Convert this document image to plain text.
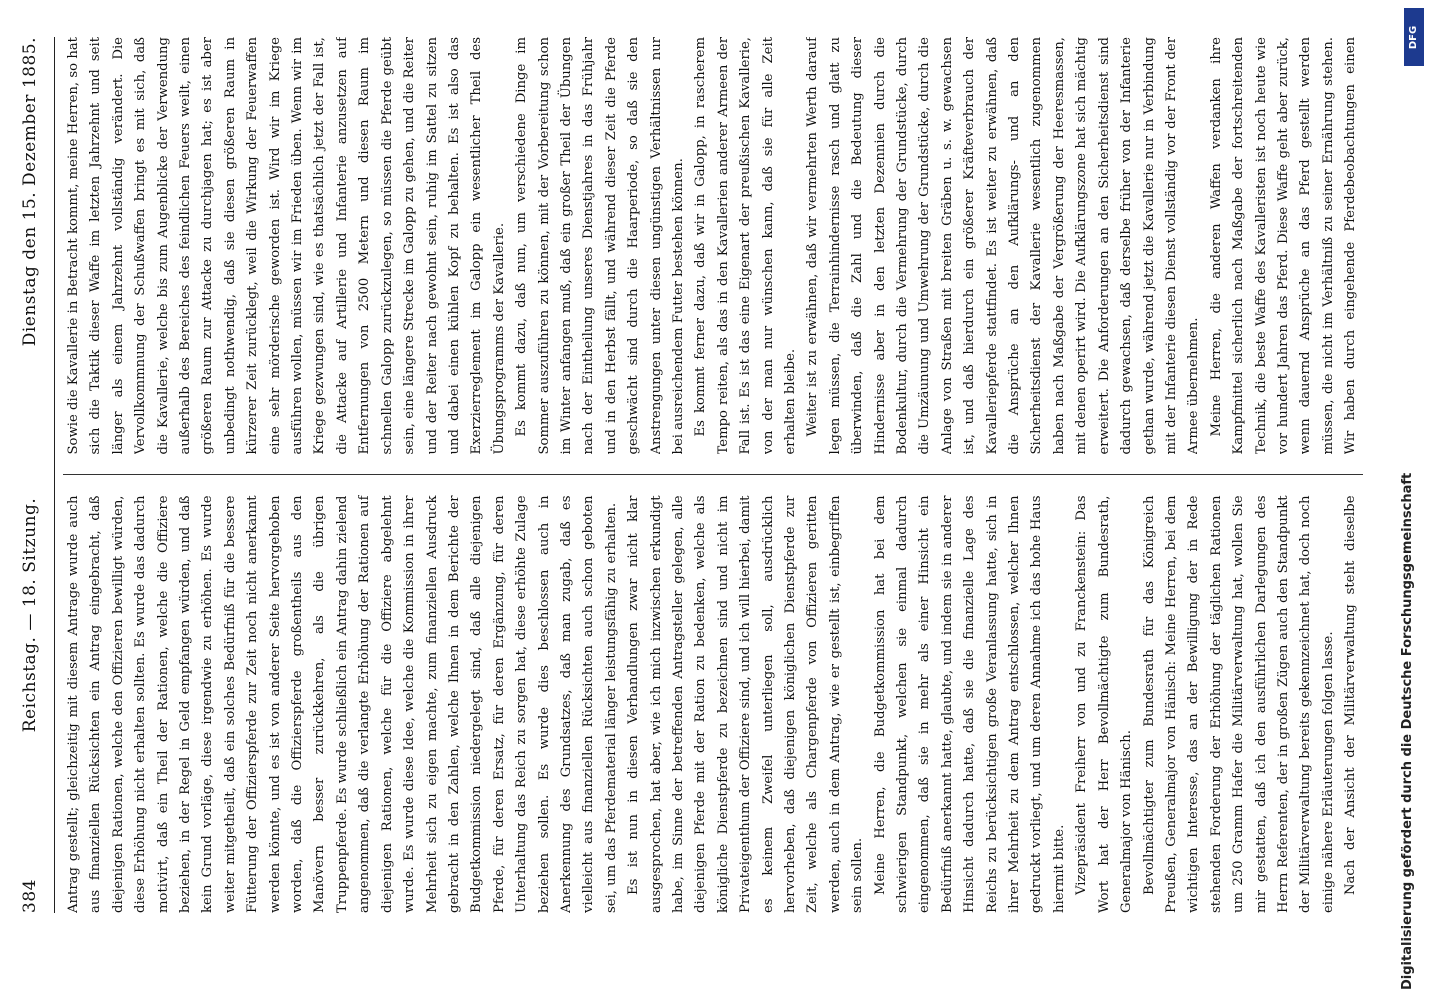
384
Reichstag. — 18. Sitzung.
Dienstag den 15. Dezember 1885.

Antrag gestellt; gleichzeitig mit diesem Antrage wurde auch aus finanziellen Rücksichten ein Antrag eingebracht, daß diejenigen Rationen, welche den Offizieren bewilligt würden, diese Erhöhung nicht erhalten sollten. Es wurde das dadurch motivirt, daß ein Theil der Rationen, welche die Offiziere beziehen, in der Regel in Geld empfangen würden, und daß kein Grund vorläge, diese irgendwie zu erhöhen. Es wurde weiter mitgetheilt, daß ein solches Bedürfniß für die bessere Fütterung der Offizierspferde zur Zeit noch nicht anerkannt werden könnte, und es ist von anderer Seite hervorgehoben worden, daß die Offizierspferde großentheils aus den Manövern besser zurückkehren, als die übrigen Truppenpferde. Es wurde schließlich ein Antrag dahin zielend angenommen, daß die verlangte Erhöhung der Rationen auf diejenigen Rationen, welche für die Offiziere abgelehnt wurde. Es wurde diese Idee, welche die Kommission in ihrer Mehrheit sich zu eigen machte, zum finanziellen Ausdruck gebracht in den Zahlen, welche Ihnen in dem Berichte der Budgetkommission niedergelegt sind, daß alle diejenigen Pferde, für deren Ersatz, für deren Ergänzung, für deren Unterhaltung das Reich zu sorgen hat, diese erhöhte Zulage beziehen sollen. Es wurde dies beschlossen auch in Anerkennung des Grundsatzes, daß man zugab, daß es vielleicht aus finanziellen Rücksichten auch schon geboten sei, um das Pferdematerial länger leistungsfähig zu erhalten. Es ist nun in diesen Verhandlungen zwar nicht klar ausgesprochen, hat aber, wie ich mich inzwischen erkundigt habe, im Sinne der betreffenden Antragsteller gelegen, alle diejenigen Pferde mit der Ration zu bedenken, welche als königliche Dienstpferde zu bezeichnen sind und nicht im Privateigenthum der Offiziere sind, und ich will hierbei, damit es keinem Zweifel unterliegen soll, ausdrücklich hervorheben, daß diejenigen königlichen Dienstpferde zur Zeit, welche als Chargenpferde von Offizieren geritten werden, auch in dem Antrag, wie er gestellt ist, einbegriffen sein sollen. Meine Herren, die Budgetkommission hat bei dem schwierigen Standpunkt, welchen sie einmal dadurch eingenommen, daß sie in mehr als einer Hinsicht ein Bedürfniß anerkannt hatte, glaubte, und indem sie in anderer Hinsicht dadurch hatte, daß sie die finanzielle Lage des Reichs zu berücksichtigen große Veranlassung hatte, sich in ihrer Mehrheit zu dem Antrag entschlossen, welcher Ihnen gedruckt vorliegt, und um deren Annahme ich das hohe Haus hiermit bitte. Vizepräsident Freiherr von und zu Franckenstein: Das Wort hat der Herr Bevollmächtigte zum Bundesrath, Generalmajor von Hänisch. Bevollmächtigter zum Bundesrath für das Königreich Preußen, Generalmajor von Hänisch: Meine Herren, bei dem wichtigen Interesse, das an der Bewilligung der in Rede stehenden Forderung der Erhöhung der täglichen Rationen um 250 Gramm Hafer die Militärverwaltung hat, wollen Sie mir gestatten, daß ich den ausführlichen Darlegungen des Herrn Referenten, der in großen Zügen auch den Standpunkt der Militärverwaltung bereits gekennzeichnet hat, doch noch einige nähere Erläuterungen folgen lasse. Nach der Ansicht der Militärverwaltung steht dieselbe

Sowie die Kavallerie in Betracht kommt, meine Herren, so hat sich die Taktik dieser Waffe im letzten Jahrzehnt und seit länger als einem Jahrzehnt vollständig verändert. Die Vervollkommnung der Schußwaffen bringt es mit sich, daß die Kavallerie, welche bis zum Augenblicke der Verwendung außerhalb des Bereiches des feindlichen Feuers weilt, einen größeren Raum zur Attacke zu durchjagen hat; es ist aber unbedingt nothwendig, daß sie diesen größeren Raum in kürzerer Zeit zurücklegt, weil die Wirkung der Feuerwaffen eine sehr mörderische geworden ist. Wird wir im Kriege ausführen wollen, müssen wir im Frieden üben. Wenn wir im Kriege gezwungen sind, wie es thatsächlich jetzt der Fall ist, die Attacke auf Artillerie und Infanterie anzusetzen auf Entfernungen von 2500 Metern und diesen Raum im schnellen Galopp zurückzulegen, so müssen die Pferde geübt sein, eine längere Strecke im Galopp zu gehen, und die Reiter und der Reiter nach gewohnt sein, ruhig im Sattel zu sitzen und dabei einen kühlen Kopf zu behalten. Es ist also das Exerzierreglement im Galopp ein wesentlicher Theil des Übungsprogramms der Kavallerie. Es kommt dazu, daß nun, um verschiedene Dinge im Sommer auszuführen zu können, mit der Vorbereitung schon im Winter anfangen muß, daß ein großer Theil der Übungen nach der Eintheilung unseres Dienstjahres in das Frühjahr und in den Herbst fällt, und während dieser Zeit die Pferde geschwächt sind durch die Haarperiode, so daß sie den Anstrengungen unter diesen ungünstigen Verhältnissen nur bei ausreichendem Futter bestehen können. Es kommt ferner dazu, daß wir in Galopp, in rascherem Tempo reiten, als das in den Kavallerien anderer Armeen der Fall ist. Es ist das eine Eigenart der preußischen Kavallerie, von der man nur wünschen kann, daß sie für alle Zeit erhalten bleibe. Weiter ist zu erwähnen, daß wir vermehrten Werth darauf legen müssen, die Terrainhindernisse rasch und glatt zu überwinden, daß die Zahl und die Bedeutung dieser Hindernisse aber in den letzten Dezennien durch die Bodenkultur, durch die Vermehrung der Grundstücke, durch die Umzäunung und Umwehrung der Grundstücke, durch die Anlage von Straßen mit breiten Gräben u. s. w. gewachsen ist, und daß hierdurch ein größerer Kräfteverbrauch der Kavalleriepferde stattfindet. Es ist weiter zu erwähnen, daß die Ansprüche an den Aufklärungs- und an den Sicherheitsdienst der Kavallerie wesentlich zugenommen haben nach Maßgabe der Vergrößerung der Heeresmassen, mit denen operirt wird. Die Aufklärungszone hat sich mächtig erweitert. Die Anforderungen an den Sicherheitsdienst sind dadurch gewachsen, daß derselbe früher von der Infanterie gethan wurde, während jetzt die Kavallerie nur in Verbindung mit der Infanterie diesen Dienst vollständig vor der Front der Armee übernehmen. Meine Herren, die anderen Waffen verdanken ihre Kampfmittel sicherlich nach Maßgabe der fortschreitenden Technik, die beste Waffe des Kavalleristen ist noch heute wie vor hundert Jahren das Pferd. Diese Waffe geht aber zurück, wenn dauernd Ansprüche an das Pferd gestellt werden müssen, die nicht im Verhältniß zu seiner Ernährung stehen. Wir haben durch eingehende Pferdebeobachtungen einen	DFG
Digitalisierung gefördert durch die Deutsche Forschungsgemeinschaft
